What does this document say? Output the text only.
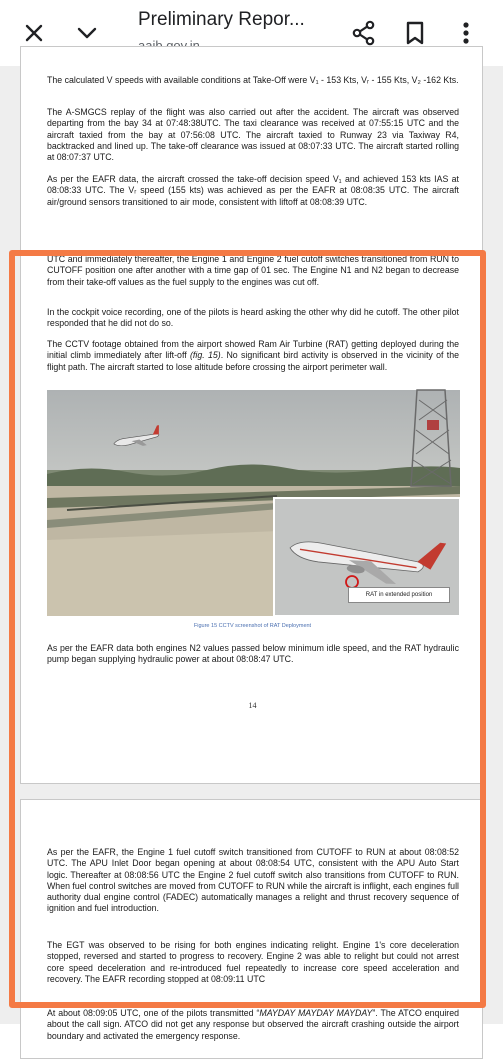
Preliminary Repor...

The calculated V speeds with available conditions at Take-Off were V₁ - 153 Kts, Vᵣ - 155 Kts, V₂ -162 Kts.

The A-SMGCS replay of the flight was also carried out after the accident. The aircraft was observed departing from the bay 34 at 07:48:38UTC. The taxi clearance was received at 07:55:15 UTC and the aircraft taxied from the bay at 07:56:08 UTC. The aircraft taxied to Runway 23 via Taxiway R4, backtracked and lined up. The take-off clearance was issued at 08:07:33 UTC. The aircraft started rolling at 08:07:37 UTC.

As per the EAFR data, the aircraft crossed the take-off decision speed V₁ and achieved 153 kts IAS at 08:08:33 UTC. The Vᵣ speed (155 kts) was achieved as per the EAFR at 08:08:35 UTC. The aircraft air/ground sensors transitioned to air mode, consistent with liftoff at 08:08:39 UTC.

UTC and immediately thereafter, the Engine 1 and Engine 2 fuel cutoff switches transitioned from RUN to CUTOFF position one after another with a time gap of 01 sec. The Engine N1 and N2 began to decrease from their take-off values as the fuel supply to the engines was cut off.

In the cockpit voice recording, one of the pilots is heard asking the other why did he cutoff. The other pilot responded that he did not do so.

The CCTV footage obtained from the airport showed Ram Air Turbine (RAT) getting deployed during the initial climb immediately after lift-off (fig. 15). No significant bird activity is observed in the vicinity of the flight path. The aircraft started to lose altitude before crossing the airport perimeter wall.

RAT in extended position
Figure 15 CCTV screenshot of RAT Deployment

As per the EAFR data both engines N2 values passed below minimum idle speed, and the RAT hydraulic pump began supplying hydraulic power at about 08:08:47 UTC.

14

As per the EAFR, the Engine 1 fuel cutoff switch transitioned from CUTOFF to RUN at about 08:08:52 UTC. The APU Inlet Door began opening at about 08:08:54 UTC, consistent with the APU Auto Start logic. Thereafter at 08:08:56 UTC the Engine 2 fuel cutoff switch also transitions from CUTOFF to RUN. When fuel control switches are moved from CUTOFF to RUN while the aircraft is inflight, each engines full authority dual engine control (FADEC) automatically manages a relight and thrust recovery sequence of ignition and fuel introduction.

The EGT was observed to be rising for both engines indicating relight. Engine 1's core deceleration stopped, reversed and started to progress to recovery. Engine 2 was able to relight but could not arrest core speed deceleration and re-introduced fuel repeatedly to increase core speed acceleration and recovery. The EAFR recording stopped at 08:09:11 UTC

At about 08:09:05 UTC, one of the pilots transmitted “MAYDAY MAYDAY MAYDAY”. The ATCO enquired about the call sign. ATCO did not get any response but observed the aircraft crashing outside the airport boundary and activated the emergency response.
